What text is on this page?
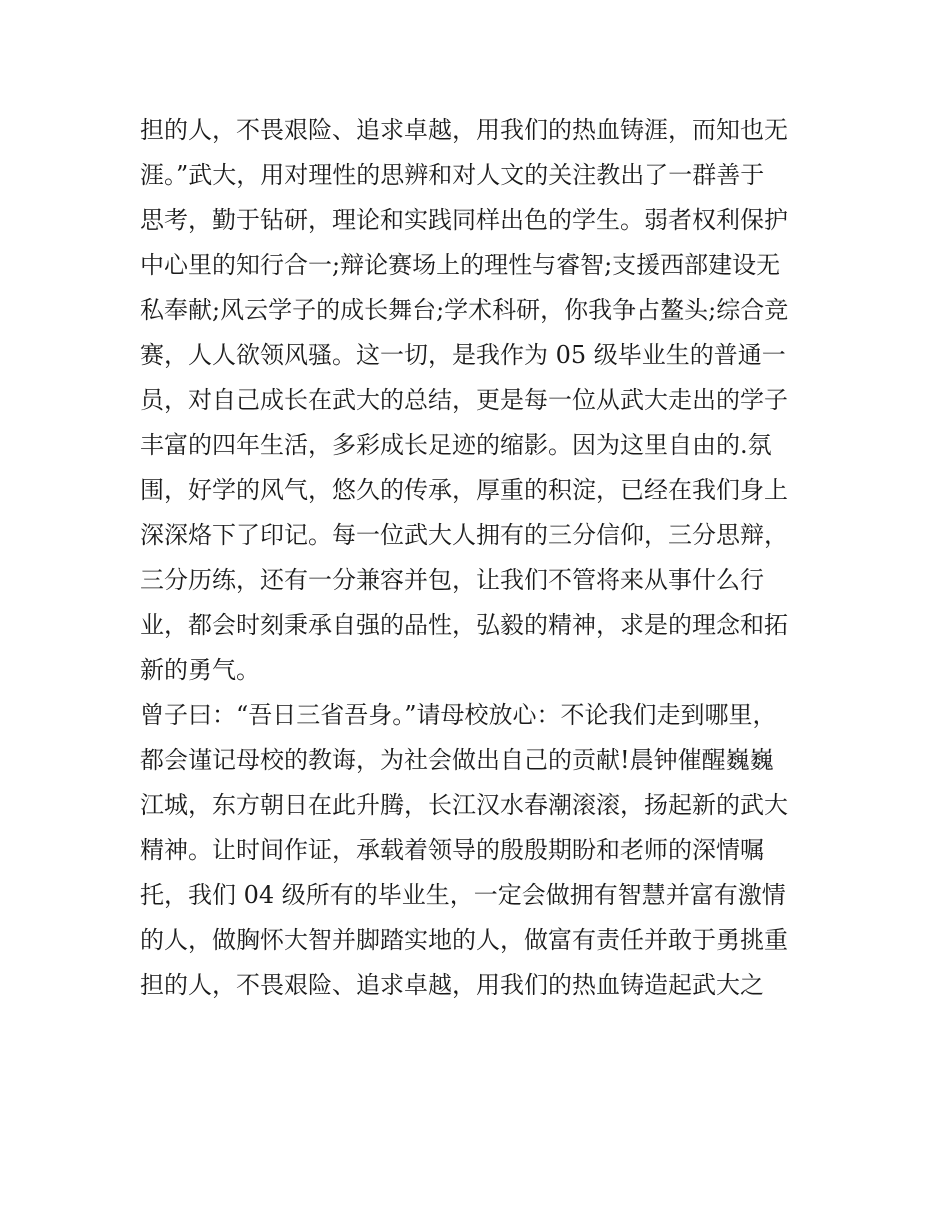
担的人，不畏艰险、追求卓越，用我们的热血铸涯，而知也无
涯。”武大，用对理性的思辨和对人文的关注教出了一群善于
思考，勤于钻研，理论和实践同样出色的学生。弱者权利保护
中心里的知行合一;辩论赛场上的理性与睿智;支援西部建设无
私奉献;风云学子的成长舞台;学术科研，你我争占鳌头;综合竞
赛，人人欲领风骚。这一切，是我作为 05 级毕业生的普通一
员，对自己成长在武大的总结，更是每一位从武大走出的学子
丰富的四年生活，多彩成长足迹的缩影。因为这里自由的.氛
围，好学的风气，悠久的传承，厚重的积淀，已经在我们身上
深深烙下了印记。每一位武大人拥有的三分信仰，三分思辩，
三分历练，还有一分兼容并包，让我们不管将来从事什么行
业，都会时刻秉承自强的品性，弘毅的精神，求是的理念和拓
新的勇气。
曾子曰：“吾日三省吾身。”请母校放心：不论我们走到哪里，
都会谨记母校的教诲，为社会做出自己的贡献!晨钟催醒巍巍
江城，东方朝日在此升腾，长江汉水春潮滚滚，扬起新的武大
精神。让时间作证，承载着领导的殷殷期盼和老师的深情嘱
托，我们 04 级所有的毕业生，一定会做拥有智慧并富有激情
的人，做胸怀大智并脚踏实地的人，做富有责任并敢于勇挑重
担的人，不畏艰险、追求卓越，用我们的热血铸造起武大之
